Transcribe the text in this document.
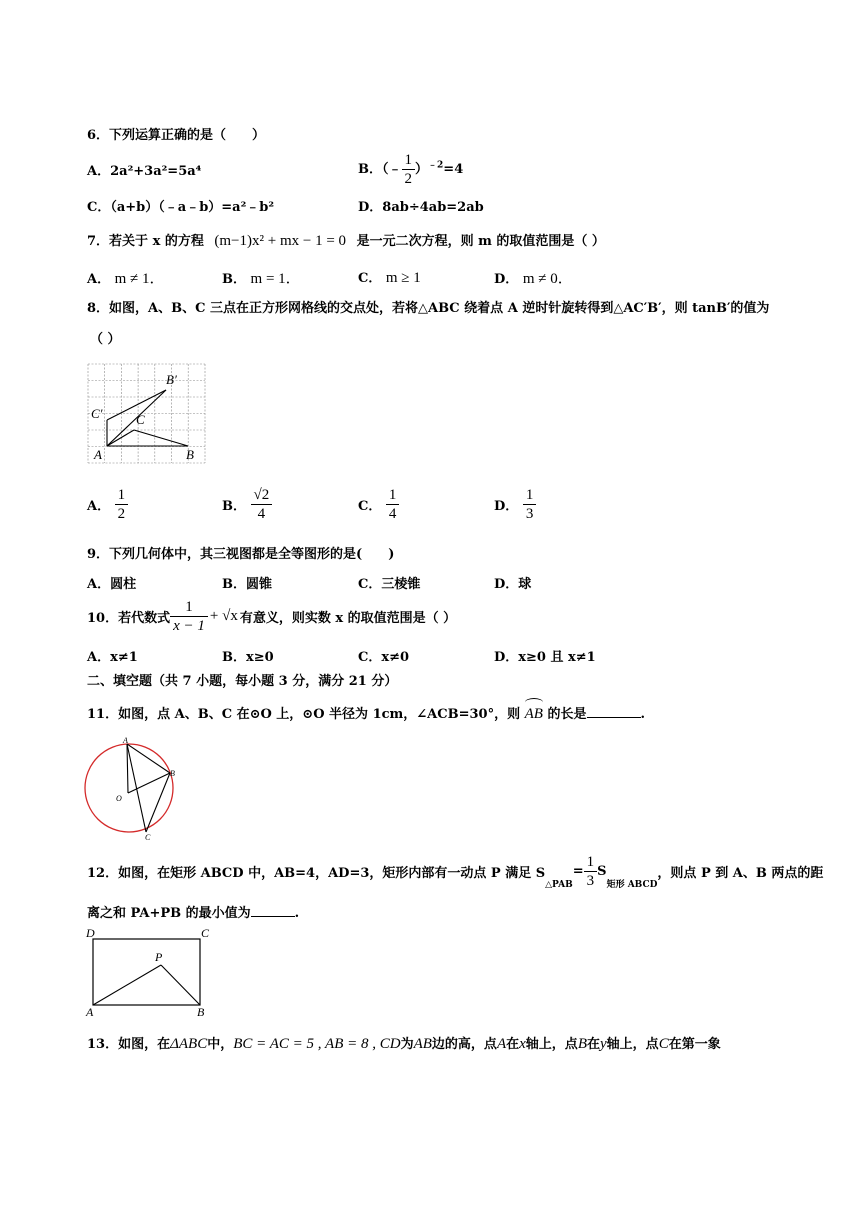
6．下列运算正确的是（　　）
A．2a²+3a²=5a⁴	B．（﹣ $\frac{1}{2} )^{﹣2}=4$
C．（a+b）（﹣a﹣b）=a²﹣b²	D．8ab÷4ab=2ab
7．若关于 x 的方程 (m−1)x² + mx − 1 = 0 是一元二次方程，则 m 的取值范围是（ ）
A． m ≠ 1．	B． m = 1．	C． m ≥ 1	D． m ≠ 0．
8．如图，A、B、C 三点在正方形网格线的交点处，若将△ABC 绕着点 A 逆时针旋转得到△AC′B′，则 tanB′的值为
（ ）
A	B
C
B′
C′
A． $\frac{1}{2}$	B． $\frac{√2}{4}$	C． $\frac{1}{4}$	D． $\frac{1}{3}$
9．下列几何体中，其三视图都是全等图形的是(　　)
A．圆柱	B．圆锥	C．三棱锥	D．球
10．若代数式 $\frac{1}{x - 1} + √x$ 有意义，则实数 x 的取值范围是（ ）
A．x≠1	B．x≥0	C．x≠0	D．x≥0 且 x≠1
二、填空题（共 7 小题，每小题 3 分，满分 21 分）
11．如图，点 A、B、C 在⊙O 上，⊙O 半径为 1cm，∠ACB=30°，则 AB 的长是	.
A
B
C
O
12．如图，在矩形 ABCD 中，AB=4，AD=3，矩形内部有一动点 P 满足 $S_{\triangle PAB}= \frac{1}{3} S_{矩形 ABCD}$，则点 P 到 A、B 两点的距
离之和 PA+PB 的最小值为	.
D	C
A	B
P
13．如图，在ΔABC中，BC = AC = 5 , AB = 8 , CD为AB边的高，点A在x轴上，点B在y轴上，点C在第一象
